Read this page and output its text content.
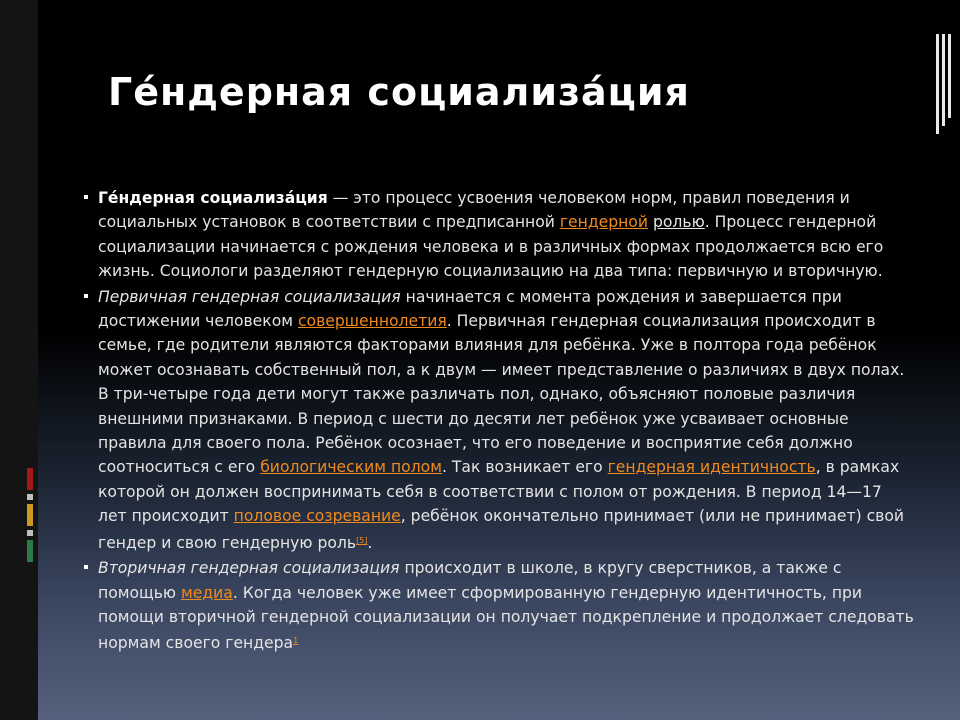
Ге́ндерная социализа́ция
Ге́ндерная социализа́ция — это процесс усвоения человеком норм, правил поведения и социальных установок в соответствии с предписанной гендерной ролью. Процесс гендерной социализации начинается с рождения человека и в различных формах продолжается всю его жизнь. Социологи разделяют гендерную социализацию на два типа: первичную и вторичную.
Первичная гендерная социализация начинается с момента рождения и завершается при достижении человеком совершеннолетия. Первичная гендерная социализация происходит в семье, где родители являются факторами влияния для ребёнка. Уже в полтора года ребёнок может осознавать собственный пол, а к двум — имеет представление о различиях в двух полах. В три-четыре года дети могут также различать пол, однако, объясняют половые различия внешними признаками. В период с шести до десяти лет ребёнок уже усваивает основные правила для своего пола. Ребёнок осознает, что его поведение и восприятие себя должно соотноситься с его биологическим полом. Так возникает его гендерная идентичность, в рамках которой он должен воспринимать себя в соответствии с полом от рождения. В период 14—17 лет происходит половое созревание, ребёнок окончательно принимает (или не принимает) свой гендер и свою гендерную роль[5].
Вторичная гендерная социализация происходит в школе, в кругу сверстников, а также с помощью медиа. Когда человек уже имеет сформированную гендерную идентичность, при помощи вторичной гендерной социализации он получает подкрепление и продолжает следовать нормам своего гендера$^1$
